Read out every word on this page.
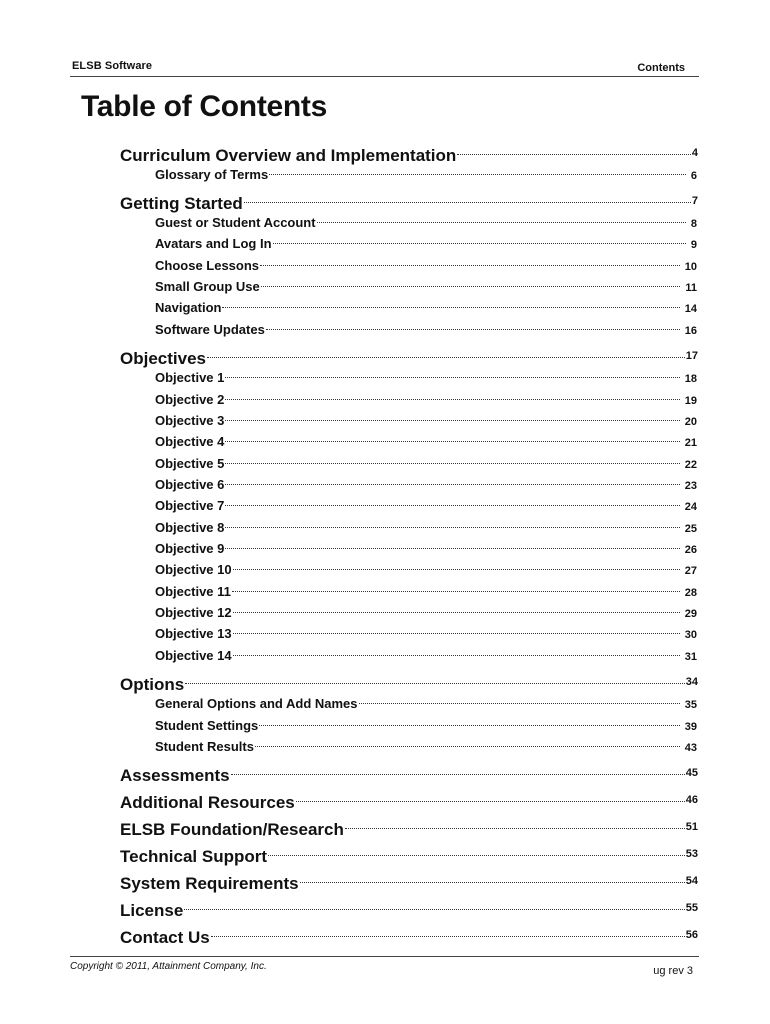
ELSB Software	Contents
Table of Contents
Curriculum Overview and Implementation	4
Glossary of Terms	6
Getting Started	7
Guest or Student Account	8
Avatars and Log In	9
Choose Lessons	10
Small Group Use	11
Navigation	14
Software Updates	16
Objectives	17
Objective 1	18
Objective 2	19
Objective 3	20
Objective 4	21
Objective 5	22
Objective 6	23
Objective 7	24
Objective 8	25
Objective 9	26
Objective 10	27
Objective 11	28
Objective 12	29
Objective 13	30
Objective 14	31
Options	34
General Options and Add Names	35
Student Settings	39
Student Results	43
Assessments	45
Additional Resources	46
ELSB Foundation/Research	51
Technical Support	53
System Requirements	54
License	55
Contact Us	56
Copyright © 2011, Attainment Company, Inc.	ug rev 3
